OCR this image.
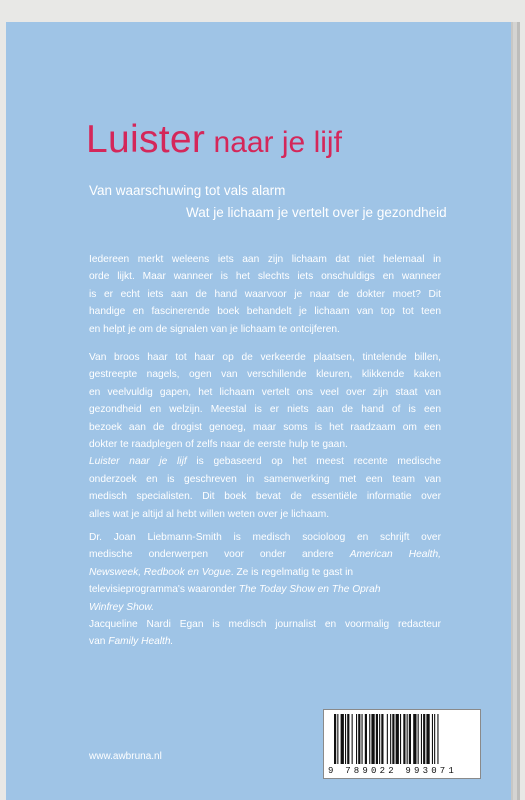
Luister naar je lijf

Van waarschuwing tot vals alarm

Wat je lichaam je vertelt over je gezondheid

Iedereen merkt weleens iets aan zijn lichaam dat niet helemaal in
orde lijkt. Maar wanneer is het slechts iets onschuldigs en wanneer
is er echt iets aan de hand waarvoor je naar de dokter moet? Dit
handige en fascinerende boek behandelt je lichaam van top tot teen
en helpt je om de signalen van je lichaam te ontcijferen.
Van broos haar tot haar op de verkeerde plaatsen, tintelende billen,
gestreepte nagels, ogen van verschillende kleuren, klikkende kaken
en veelvuldig gapen, het lichaam vertelt ons veel over zijn staat van
gezondheid en welzijn. Meestal is er niets aan de hand of is een
bezoek aan de drogist genoeg, maar soms is het raadzaam om een
dokter te raadplegen of zelfs naar de eerste hulp te gaan.
Luister naar je lijf is gebaseerd op het meest recente medische
onderzoek en is geschreven in samenwerking met een team van
medisch specialisten. Dit boek bevat de essentiële informatie over
alles wat je altijd al hebt willen weten over je lichaam.
Dr. Joan Liebmann-Smith is medisch socioloog en schrijft over
medische onderwerpen voor onder andere American Health,
Newsweek, Redbook en Vogue. Ze is regelmatig te gast in
televisieprogramma's waaronder The Today Show en The Oprah
Winfrey Show.
Jacqueline Nardi Egan is medisch journalist en voormalig redacteur
van Family Health.
9 789022 993071

www.awbruna.nl
